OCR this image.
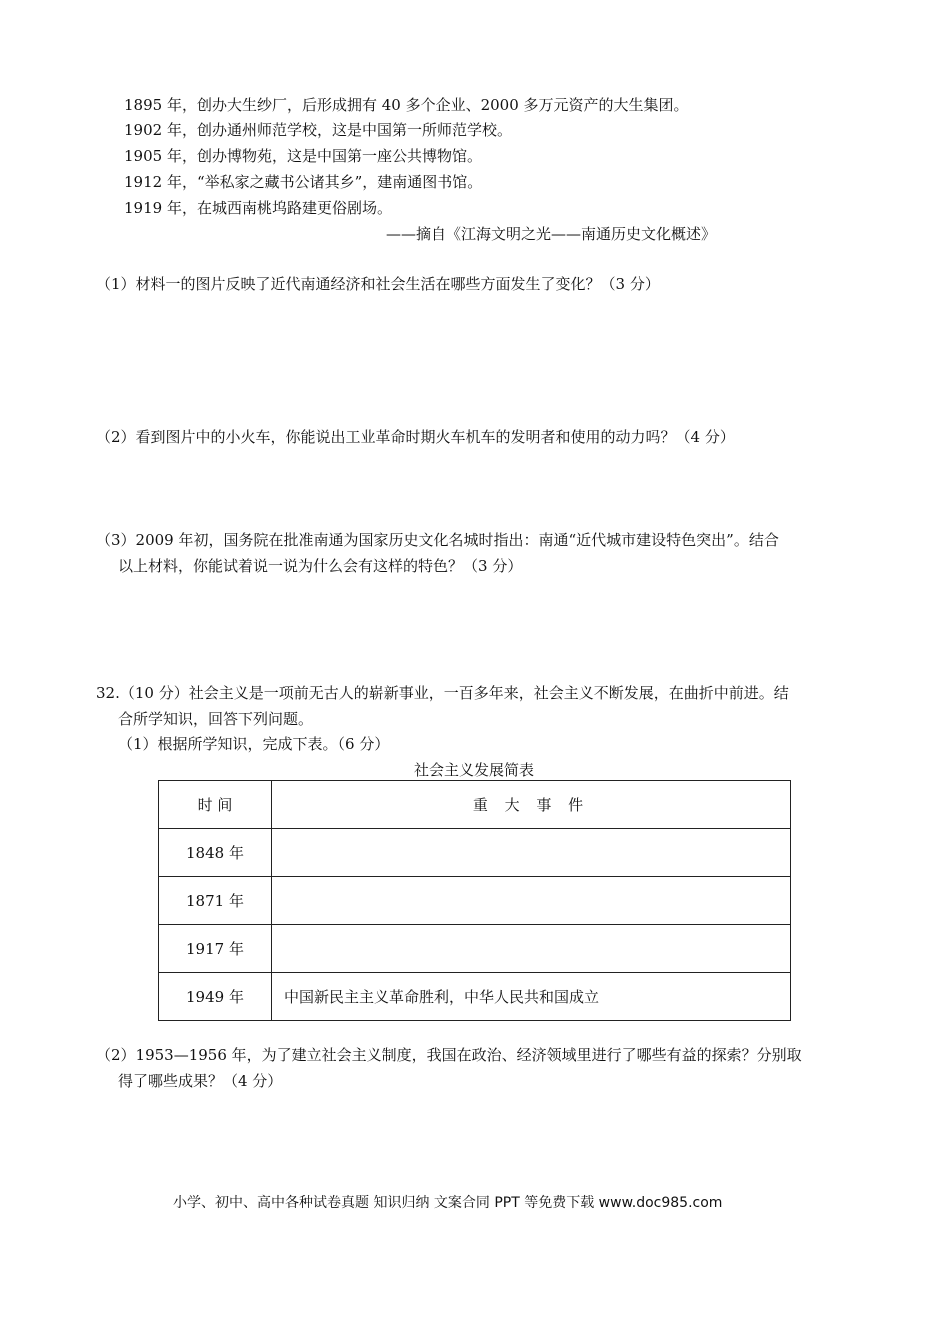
1895 年，创办大生纱厂，后形成拥有 40 多个企业、2000 多万元资产的大生集团。
1902 年，创办通州师范学校，这是中国第一所师范学校。
1905 年，创办博物苑，这是中国第一座公共博物馆。
1912 年，“举私家之藏书公诸其乡”，建南通图书馆。
1919 年，在城西南桃坞路建更俗剧场。
——摘自《江海文明之光——南通历史文化概述》
（1）材料一的图片反映了近代南通经济和社会生活在哪些方面发生了变化？（3 分）
（2）看到图片中的小火车，你能说出工业革命时期火车机车的发明者和使用的动力吗？（4 分）
（3）2009 年初，国务院在批准南通为国家历史文化名城时指出：南通“近代城市建设特色突出”。结合
以上材料，你能试着说一说为什么会有这样的特色？（3 分）
32.（10 分）社会主义是一项前无古人的崭新事业，一百多年来，社会主义不断发展，在曲折中前进。结
合所学知识，回答下列问题。
（1）根据所学知识，完成下表。（6 分）
社会主义发展简表
时 间	重 大 事 件
1848 年	
1871 年	
1917 年	
1949 年	中国新民主主义革命胜利，中华人民共和国成立
（2）1953—1956 年，为了建立社会主义制度，我国在政治、经济领域里进行了哪些有益的探索？分别取
得了哪些成果？（4 分）
小学、初中、高中各种试卷真题 知识归纳 文案合同 PPT 等免费下载 www.doc985.com
